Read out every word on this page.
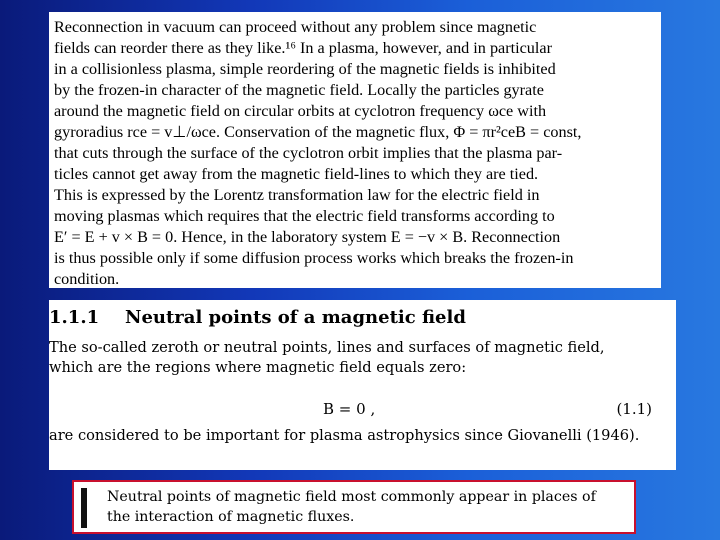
Reconnection in vacuum can proceed without any problem since magnetic
fields can reorder there as they like.¹⁶ In a plasma, however, and in particular
in a collisionless plasma, simple reordering of the magnetic fields is inhibited
by the frozen-in character of the magnetic field. Locally the particles gyrate
around the magnetic field on circular orbits at cyclotron frequency ωce with
gyroradius rce = v⊥/ωce. Conservation of the magnetic flux, Φ = πr²ceB = const,
that cuts through the surface of the cyclotron orbit implies that the plasma par-
ticles cannot get away from the magnetic field-lines to which they are tied.
This is expressed by the Lorentz transformation law for the electric field in
moving plasmas which requires that the electric field transforms according to
E′ = E + v × B = 0. Hence, in the laboratory system E = −v × B. Reconnection
is thus possible only if some diffusion process works which breaks the frozen-in
condition.
1.1.1 Neutral points of a magnetic field
The so-called zeroth or neutral points, lines and surfaces of magnetic field,
which are the regions where magnetic field equals zero:
B = 0 ,	(1.1)
are considered to be important for plasma astrophysics since Giovanelli (1946).
Neutral points of magnetic field most commonly appear in places of
the interaction of magnetic fluxes.
